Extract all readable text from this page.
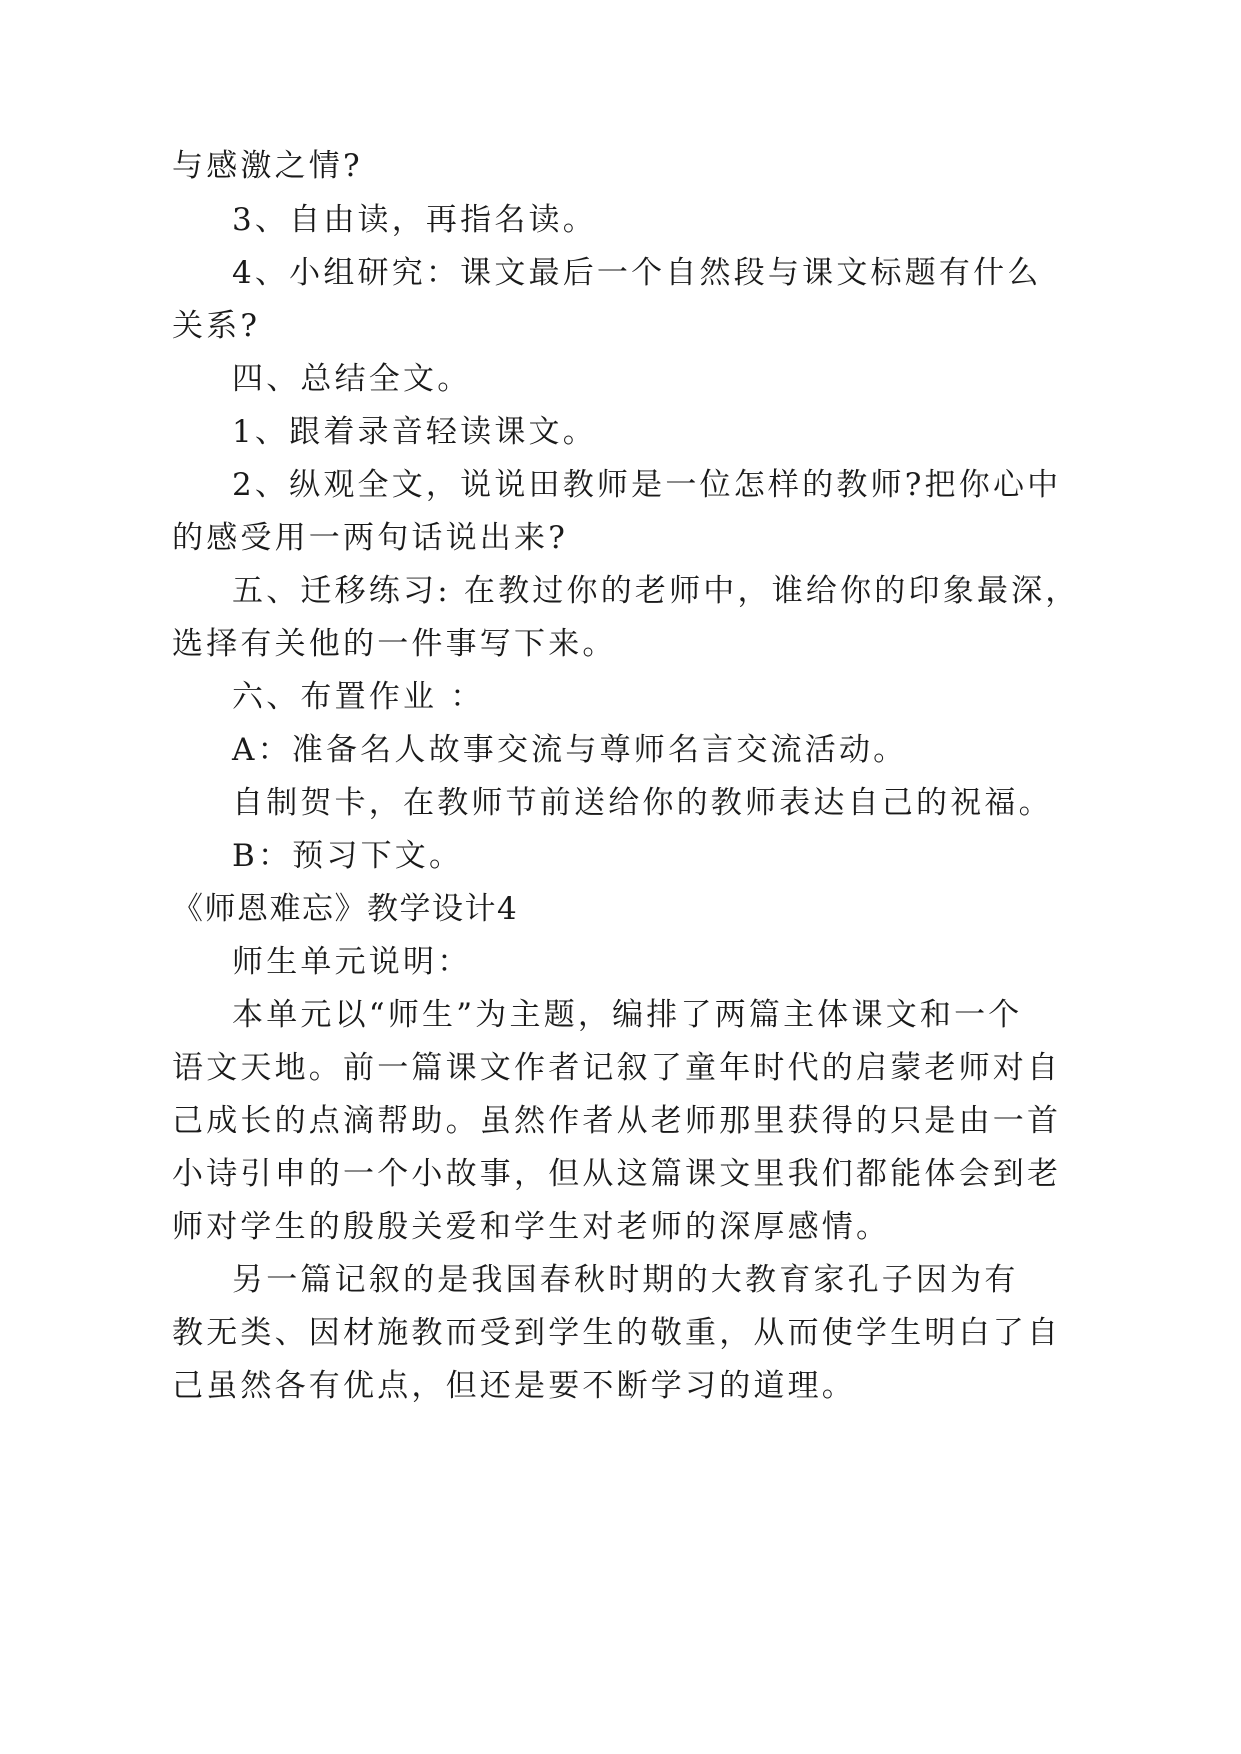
与感激之情?
3、自由读，再指名读。
4、小组研究：课文最后一个自然段与课文标题有什么
关系?
四、总结全文。
1、跟着录音轻读课文。
2、纵观全文，说说田教师是一位怎样的教师?把你心中
的感受用一两句话说出来?
五、迁移练习: 在教过你的老师中，谁给你的印象最深，
选择有关他的一件事写下来。
六、布置作业 ：
A：准备名人故事交流与尊师名言交流活动。
自制贺卡，在教师节前送给你的教师表达自己的祝福。
B：预习下文。
《师恩难忘》教学设计4
师生单元说明：
本单元以“师生”为主题，编排了两篇主体课文和一个
语文天地。前一篇课文作者记叙了童年时代的启蒙老师对自
己成长的点滴帮助。虽然作者从老师那里获得的只是由一首
小诗引申的一个小故事，但从这篇课文里我们都能体会到老
师对学生的殷殷关爱和学生对老师的深厚感情。
另一篇记叙的是我国春秋时期的大教育家孔子因为有
教无类、因材施教而受到学生的敬重，从而使学生明白了自
己虽然各有优点，但还是要不断学习的道理。
